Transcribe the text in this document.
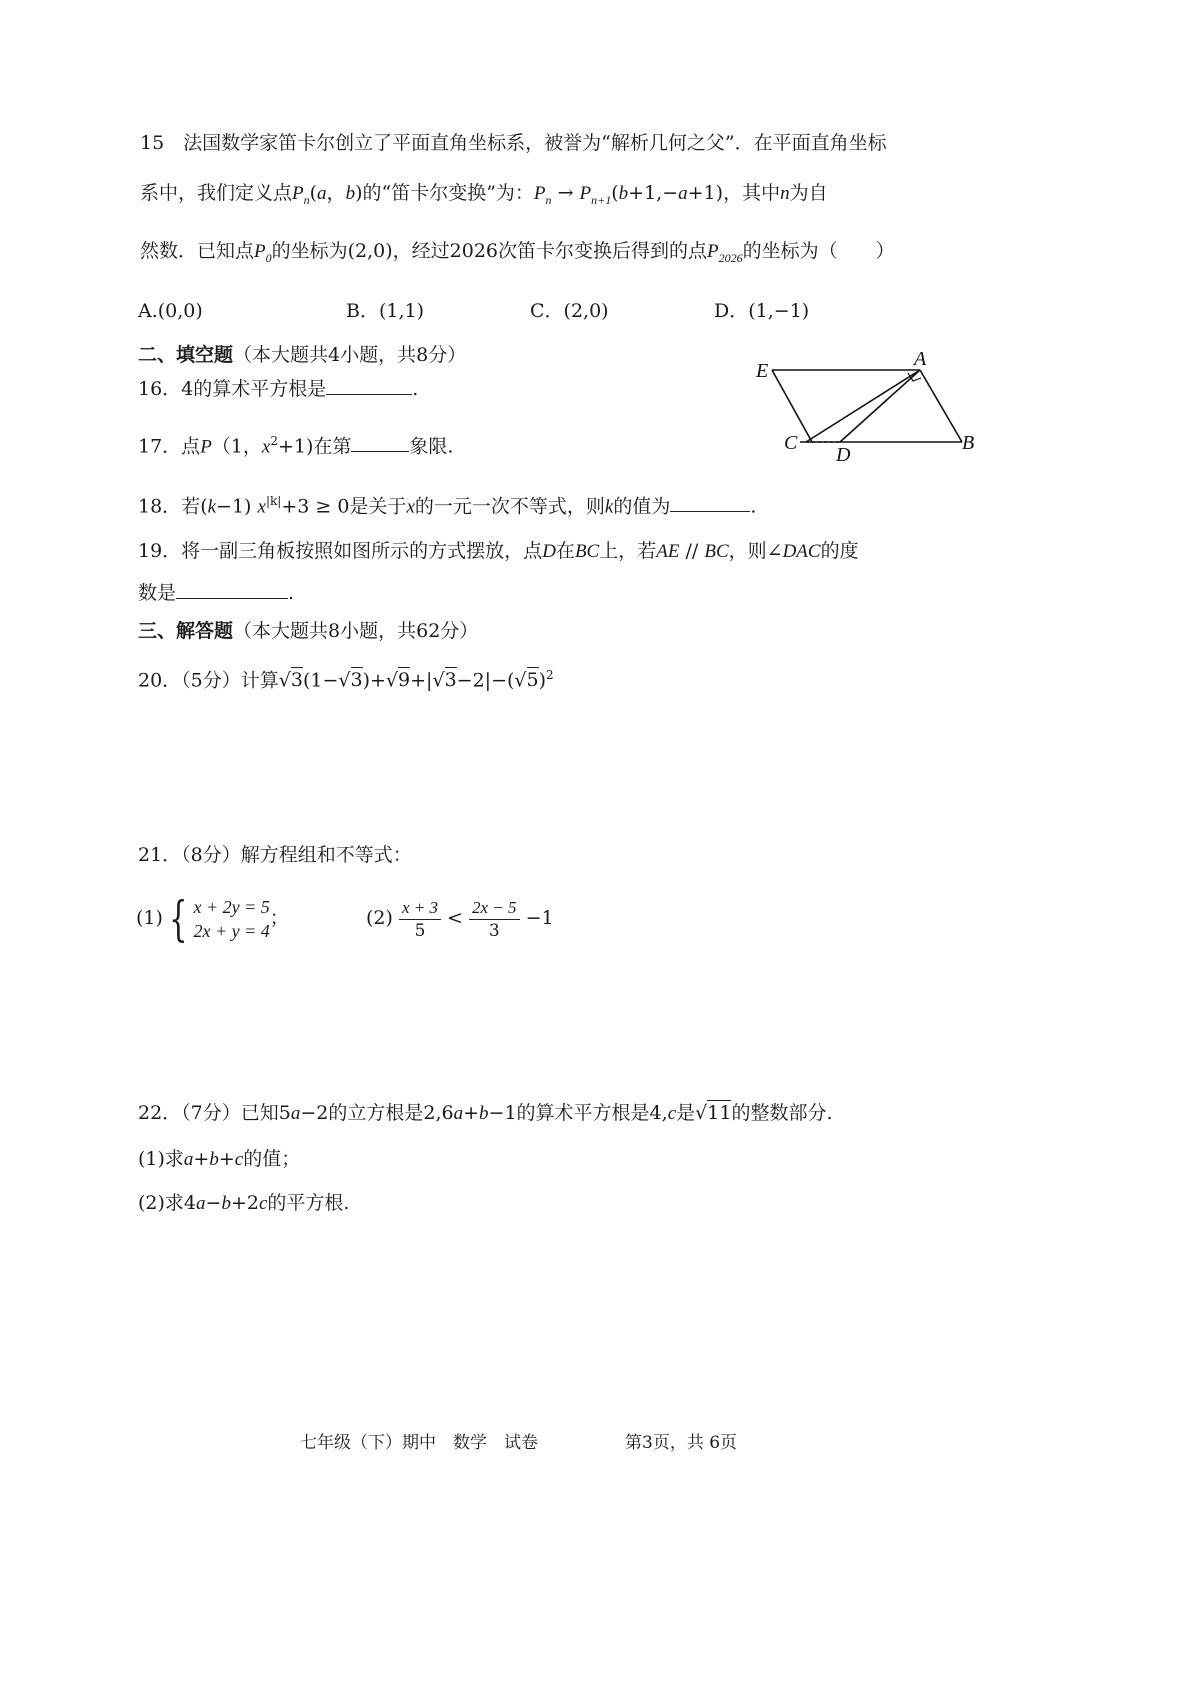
15　法国数学家笛卡尔创立了平面直角坐标系，被誉为“解析几何之父”．在平面直角坐标
系中，我们定义点$P_n(a$，b)的“笛卡尔变换”为：$P_n \to P_{n+1}(b+1,-a+1)$，其中n为自
然数．已知点$P_0$的坐标为(2,0)，经过2026次笛卡尔变换后得到的点$P_{2026}$的坐标为（　　）
A.(0,0)	B．(1,1)	C．(2,0)	D．(1,−1)
二、填空题（本大题共4小题，共8分）
16．4的算术平方根是	.
17．点P（1，$x^2+1$)在第	象限.
18．若(k−1) $x^{|k|}+3 \ge 0$是关于x的一元一次不等式，则k的值为	.
19．将一副三角板按照如图所示的方式摆放，点D在BC上，若AE // BC，则∠DAC的度
数是	.
E
A
C
D
B
三、解答题（本大题共8小题，共62分）
20．（5分）计算$√3(1-√3)+√9+|√3-2|-(√5)^2$
21．（8分）解方程组和不等式：
(1) { x + 2y = 5
2x + y = 4
；	$(2) \frac{x + 3}{5} < \frac{2x - 5}{3} -1$
22．（7分）已知5a−2的立方根是2,6a+b−1的算术平方根是4,c是√11的整数部分.
(1)求a+b+c的值；
(2)求4a−b+2c的平方根.
七年级（下）期中　数学　试卷	第3页，共 6页
